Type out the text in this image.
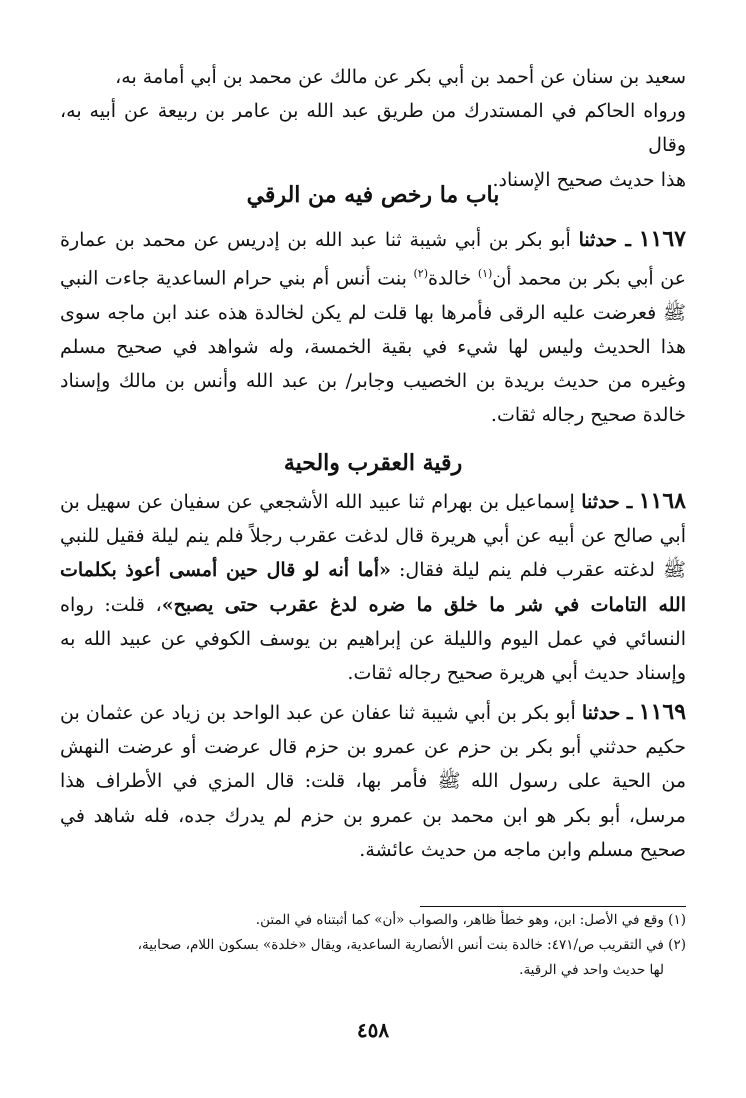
سعيد بن سنان عن أحمد بن أبي بكر عن مالك عن محمد بن أبي أمامة به،
ورواه الحاكم في المستدرك من طريق عبد الله بن عامر بن ربيعة عن أبيه به، وقال
هذا حديث صحيح الإسناد.
باب ما رخص فيه من الرقي

١١٦٧ ـ حدثنا أبو بكر بن أبي شيبة ثنا عبد الله بن إدريس عن محمد بن عمارة عن أبي بكر بن محمد أن$^{(١)}$ خالدة$^{(٢)}$ بنت أنس أم بني حرام الساعدية جاءت النبي ﷺ فعرضت عليه الرقى فأمرها بها قلت لم يكن لخالدة هذه عند ابن ماجه سوى هذا الحديث وليس لها شيء في بقية الخمسة، وله شواهد في صحيح مسلم وغيره من حديث بريدة بن الخصيب وجابر/ بن عبد الله وأنس بن مالك وإسناد خالدة صحيح رجاله ثقات.

رقية العقرب والحية

١١٦٨ ـ حدثنا إسماعيل بن بهرام ثنا عبيد الله الأشجعي عن سفيان عن سهيل بن أبي صالح عن أبيه عن أبي هريرة قال لدغت عقرب رجلاً فلم ينم ليلة فقيل للنبي ﷺ لدغته عقرب فلم ينم ليلة فقال: «أما أنه لو قال حين أمسى أعوذ بكلمات الله التامات في شر ما خلق ما ضره لدغ عقرب حتى يصبح»، قلت: رواه النسائي في عمل اليوم والليلة عن إبراهيم بن يوسف الكوفي عن عبيد الله به وإسناد حديث أبي هريرة صحيح رجاله ثقات.

١١٦٩ ـ حدثنا أبو بكر بن أبي شيبة ثنا عفان عن عبد الواحد بن زياد عن عثمان بن حكيم حدثني أبو بكر بن حزم عن عمرو بن حزم قال عرضت أو عرضت النهش من الحية على رسول الله ﷺ فأمر بها، قلت: قال المزي في الأطراف هذا مرسل، أبو بكر هو ابن محمد بن عمرو بن حزم لم يدرك جده، فله شاهد في صحيح مسلم وابن ماجه من حديث عائشة.

(١) وقع في الأصل: ابن، وهو خطأ ظاهر، والصواب «أن» كما أثبتناه في المتن.

(٢) في التقريب ص/٤٧١: خالدة بنت أنس الأنصارية الساعدية، ويقال «خلدة» بسكون اللام، صحابية،

لها حديث واحد في الرقية.

٤٥٨
